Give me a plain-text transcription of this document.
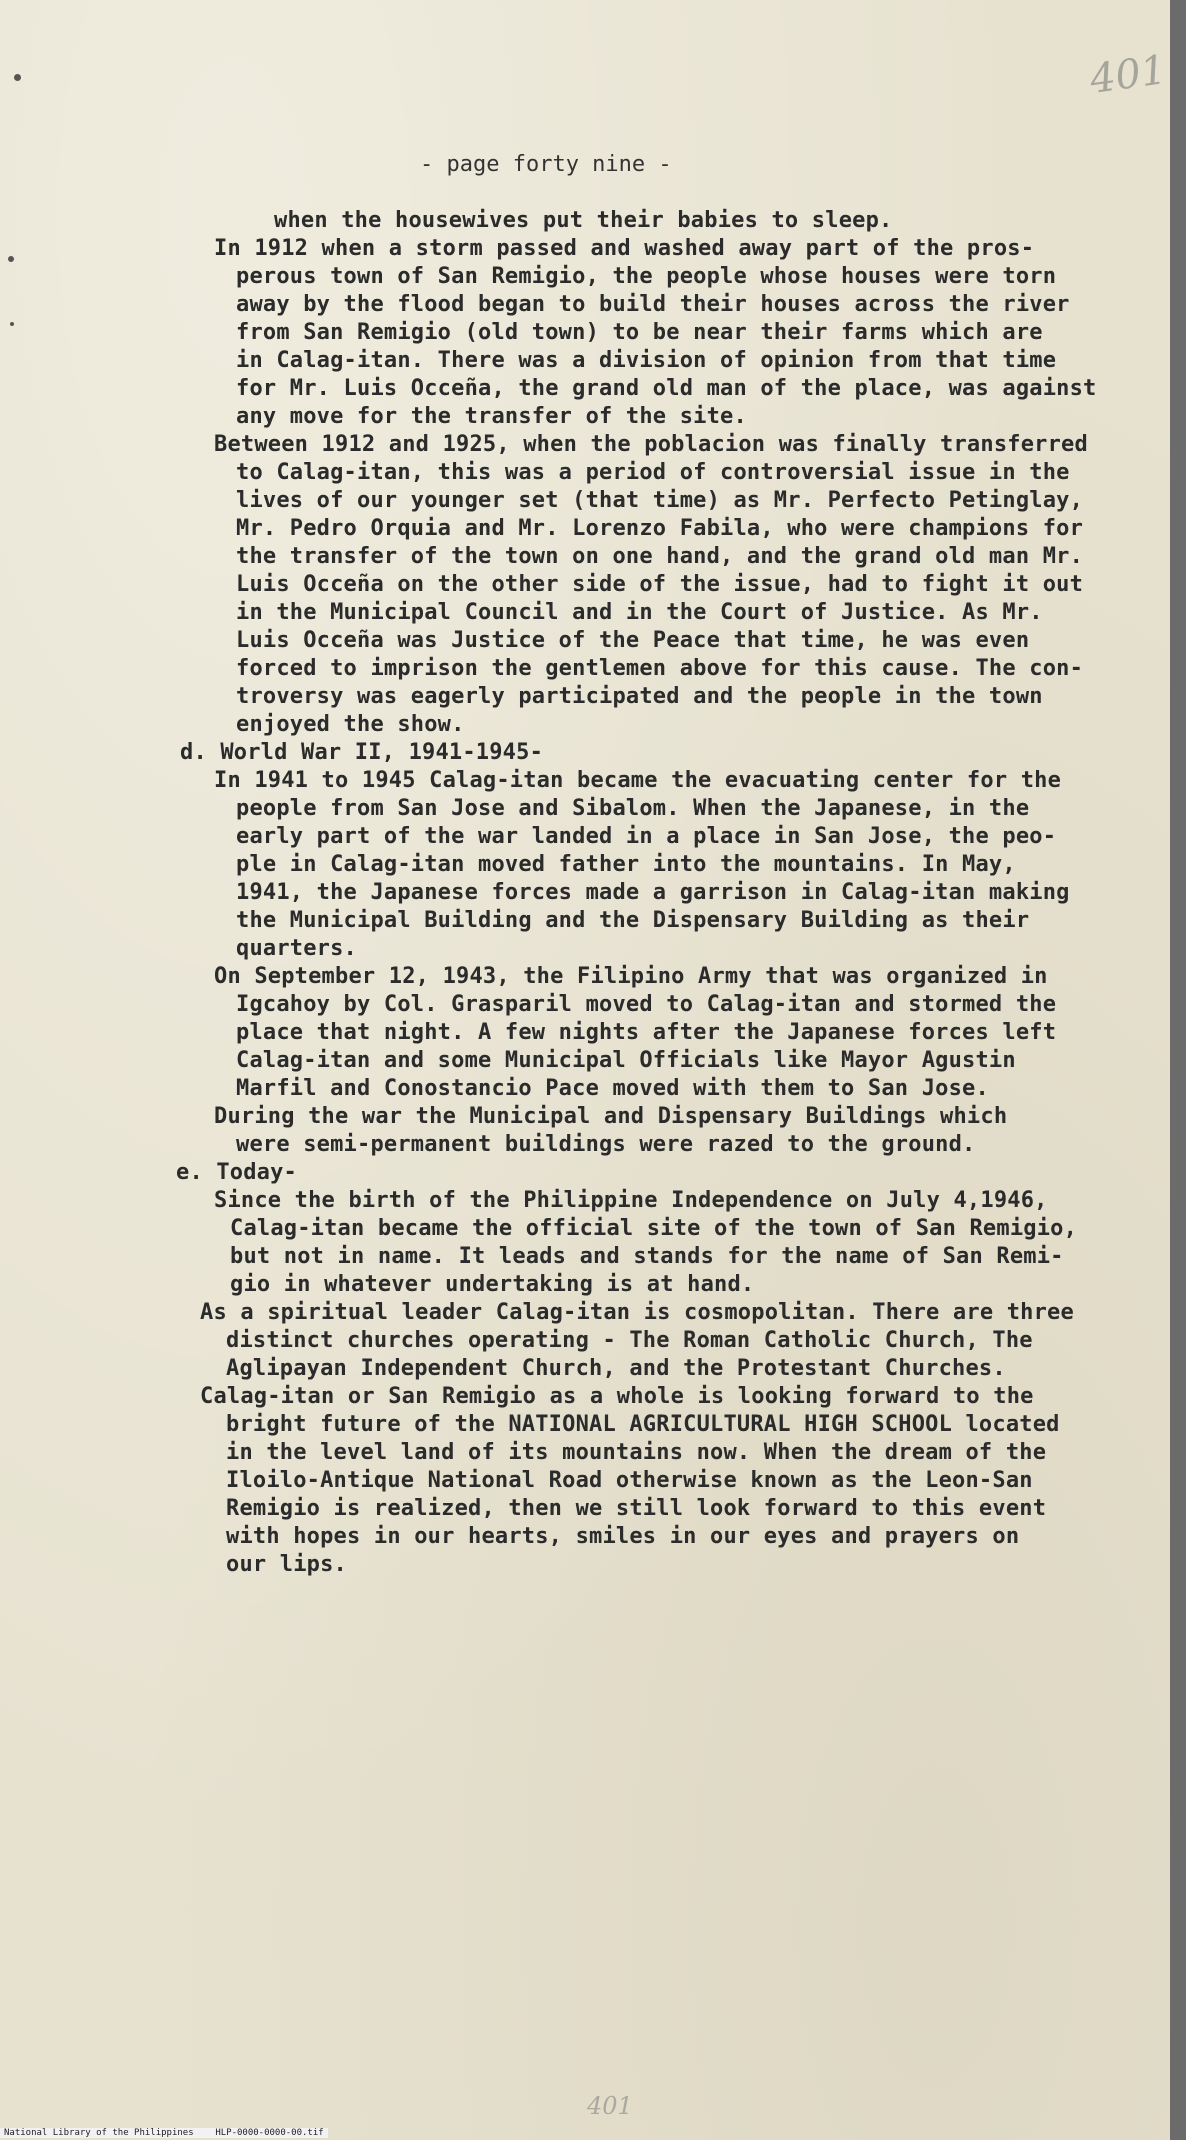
401
- page forty nine -
when the housewives put their babies to sleep.
In 1912 when a storm passed and washed away part of the pros-
perous town of San Remigio, the people whose houses were torn
away by the flood began to build their houses across the river
from San Remigio (old town) to be near their farms which are
in Calag-itan. There was a division of opinion from that time
for Mr. Luis Occeña, the grand old man of the place, was against
any move for the transfer of the site.
Between 1912 and 1925, when the poblacion was finally transferred
to Calag-itan, this was a period of controversial issue in the
lives of our younger set (that time) as Mr. Perfecto Petinglay,
Mr. Pedro Orquia and Mr. Lorenzo Fabila, who were champions for
the transfer of the town on one hand, and the grand old man Mr.
Luis Occeña on the other side of the issue, had to fight it out
in the Municipal Council and in the Court of Justice. As Mr.
Luis Occeña was Justice of the Peace that time, he was even
forced to imprison the gentlemen above for this cause. The con-
troversy was eagerly participated and the people in the town
enjoyed the show.
d. World War II, 1941-1945-
In 1941 to 1945 Calag-itan became the evacuating center for the
people from San Jose and Sibalom. When the Japanese, in the
early part of the war landed in a place in San Jose, the peo-
ple in Calag-itan moved father into the mountains. In May,
1941, the Japanese forces made a garrison in Calag-itan making
the Municipal Building and the Dispensary Building as their
quarters.
On September 12, 1943, the Filipino Army that was organized in
Igcahoy by Col. Grasparil moved to Calag-itan and stormed the
place that night. A few nights after the Japanese forces left
Calag-itan and some Municipal Officials like Mayor Agustin
Marfil and Conostancio Pace moved with them to San Jose.
During the war the Municipal and Dispensary Buildings which
were semi-permanent buildings were razed to the ground.
e. Today-
Since the birth of the Philippine Independence on July 4,1946,
Calag-itan became the official site of the town of San Remigio,
but not in name. It leads and stands for the name of San Remi-
gio in whatever undertaking is at hand.
As a spiritual leader Calag-itan is cosmopolitan. There are three
distinct churches operating - The Roman Catholic Church, The
Aglipayan Independent Church, and the Protestant Churches.
Calag-itan or San Remigio as a whole is looking forward to the
bright future of the NATIONAL AGRICULTURAL HIGH SCHOOL located
in the level land of its mountains now. When the dream of the
Iloilo-Antique National Road otherwise known as the Leon-San
Remigio is realized, then we still look forward to this event
with hopes in our hearts, smiles in our eyes and prayers on
our lips.
401
National Library of the Philippines    HLP-0000-0000-00.tif
